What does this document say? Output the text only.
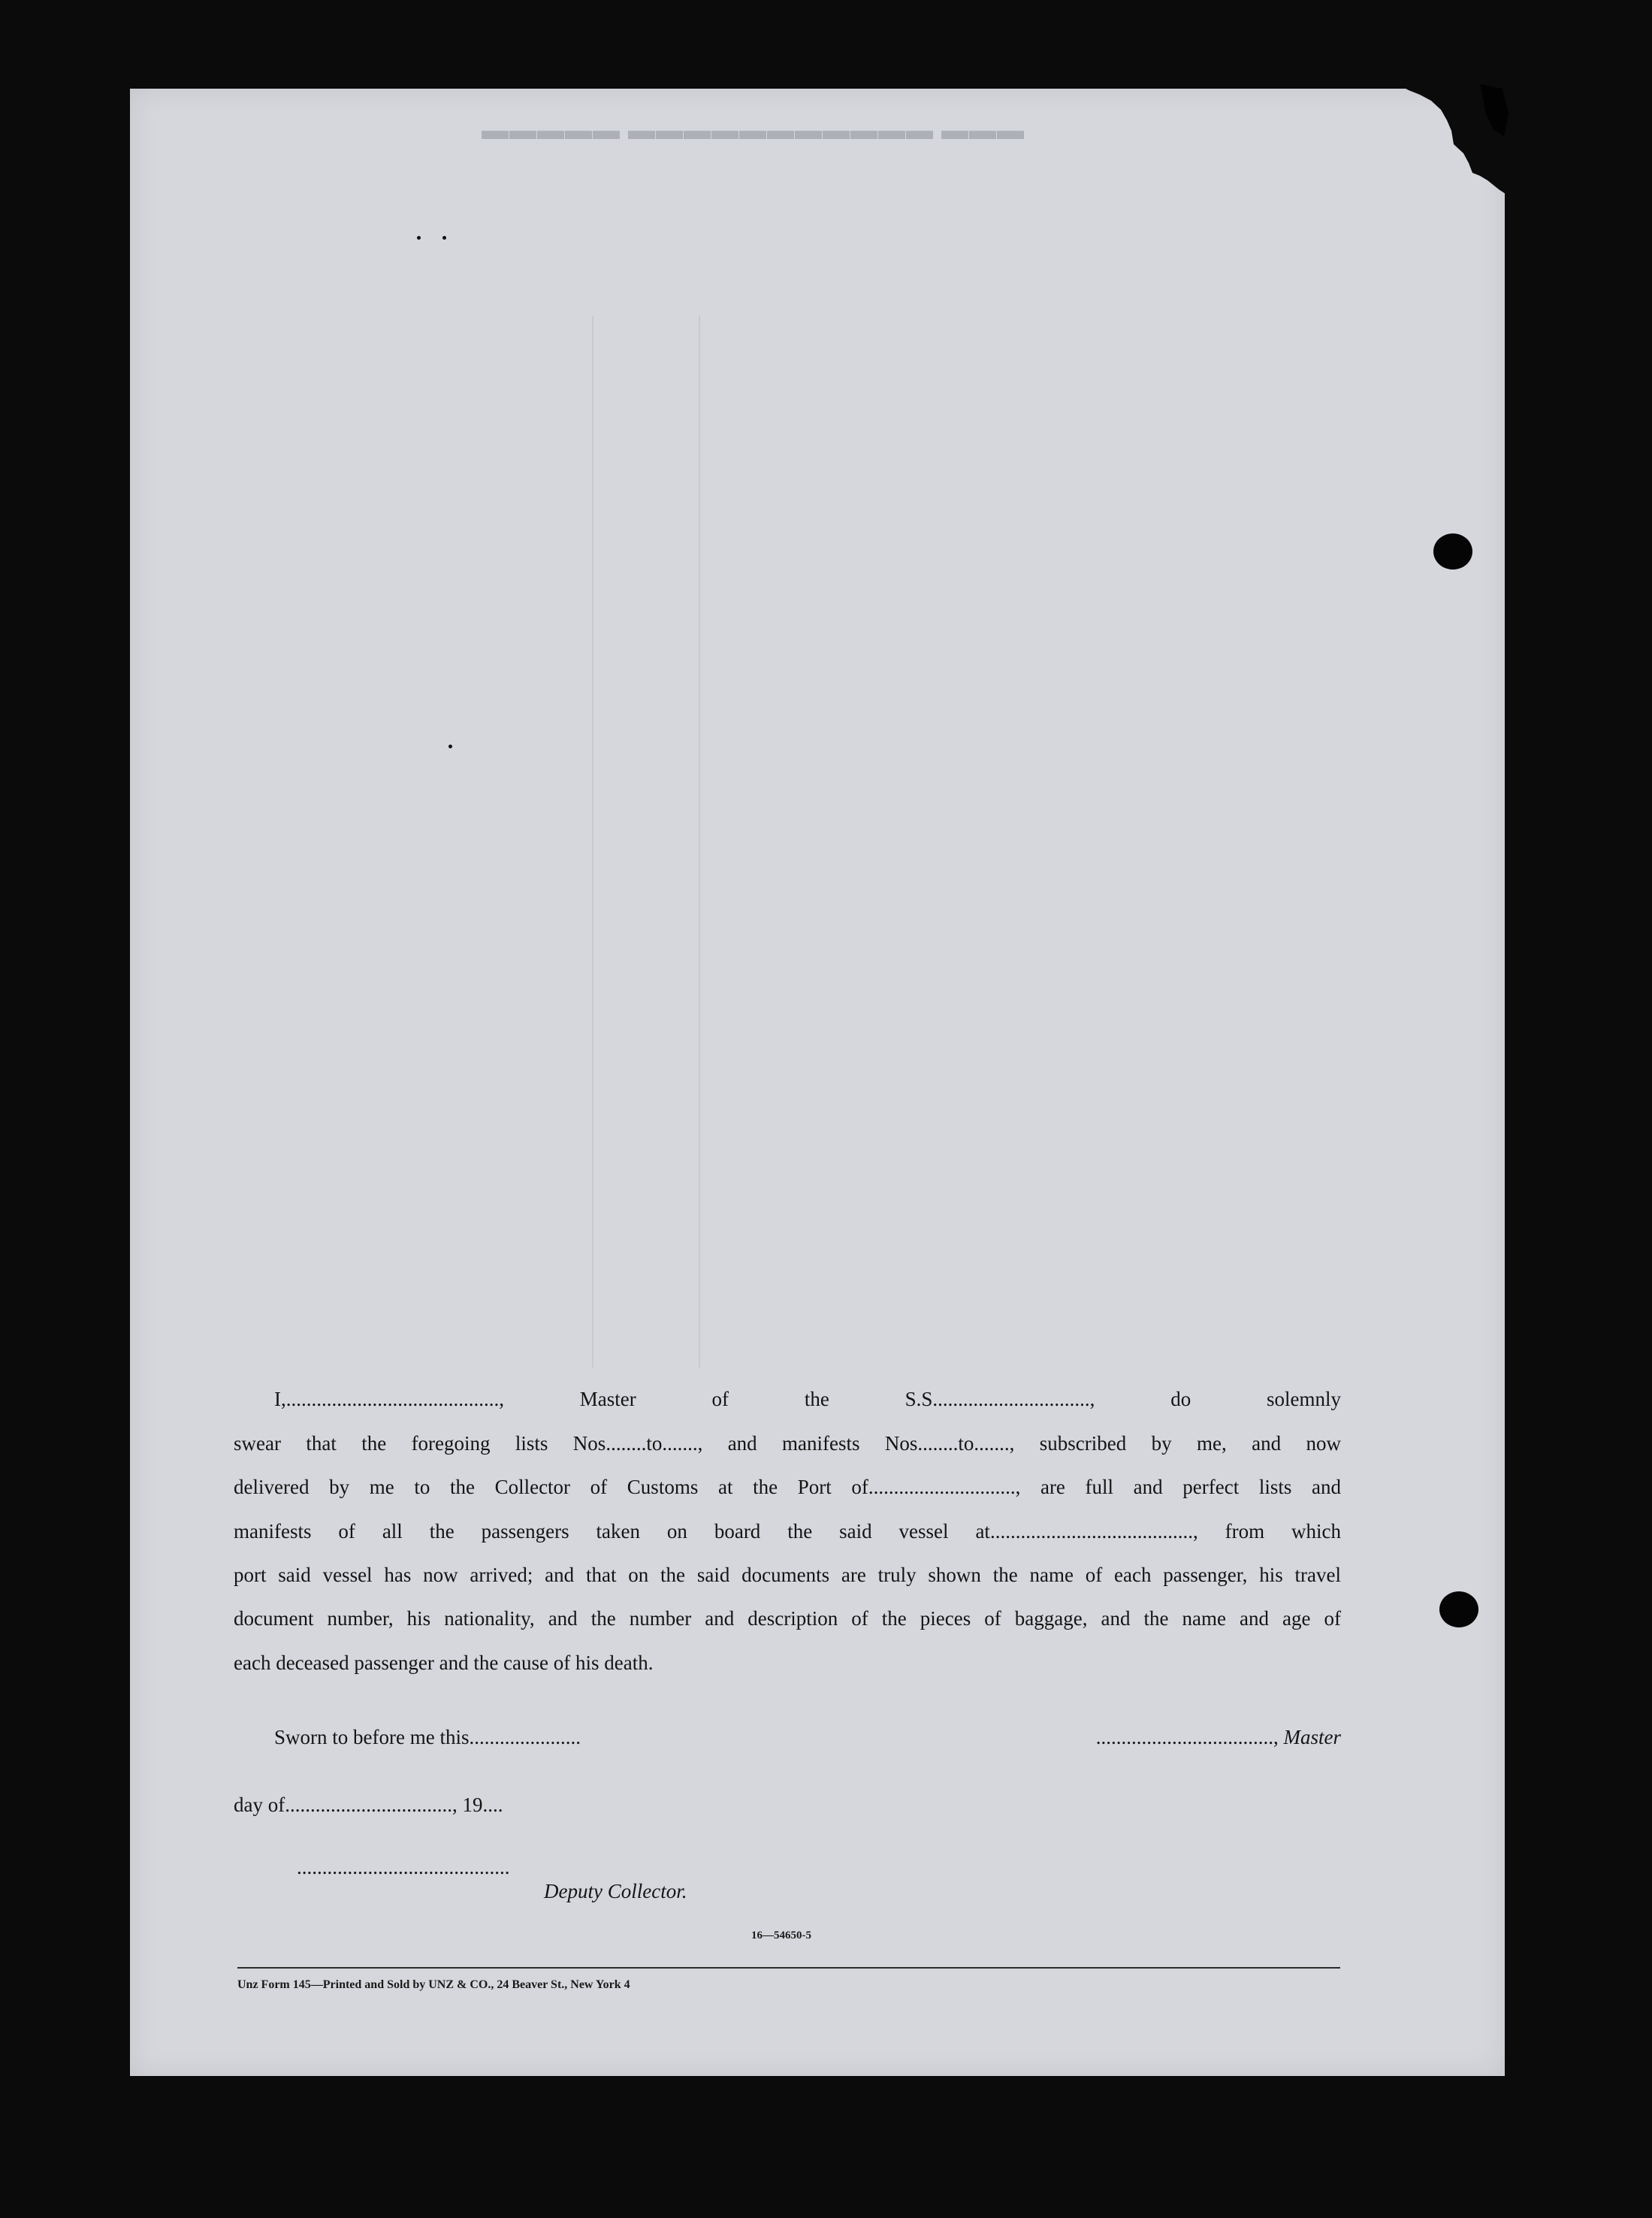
▬▬▬ ▬▬▬▬▬▬▬▬▬▬▬ ▬▬▬▬▬
I,.........................................., Master of the S.S..............................., do solemnly
swear that the foregoing lists Nos........to......., and manifests Nos........to......., subscribed by me, and now
delivered by me to the Collector of Customs at the Port of............................., are full and perfect lists and
manifests of all the passengers taken on board the said vessel at........................................, from which
port said vessel has now arrived; and that on the said documents are truly shown the name of each passenger, his travel
document number, his nationality, and the number and description of the pieces of baggage, and the name and age of
each deceased passenger and the cause of his death.
Sworn to before me this......................	..................................., Master
day of................................., 19....
..........................................
Deputy Collector.
16—54650-5
Unz Form 145—Printed and Sold by UNZ & CO., 24 Beaver St., New York 4
